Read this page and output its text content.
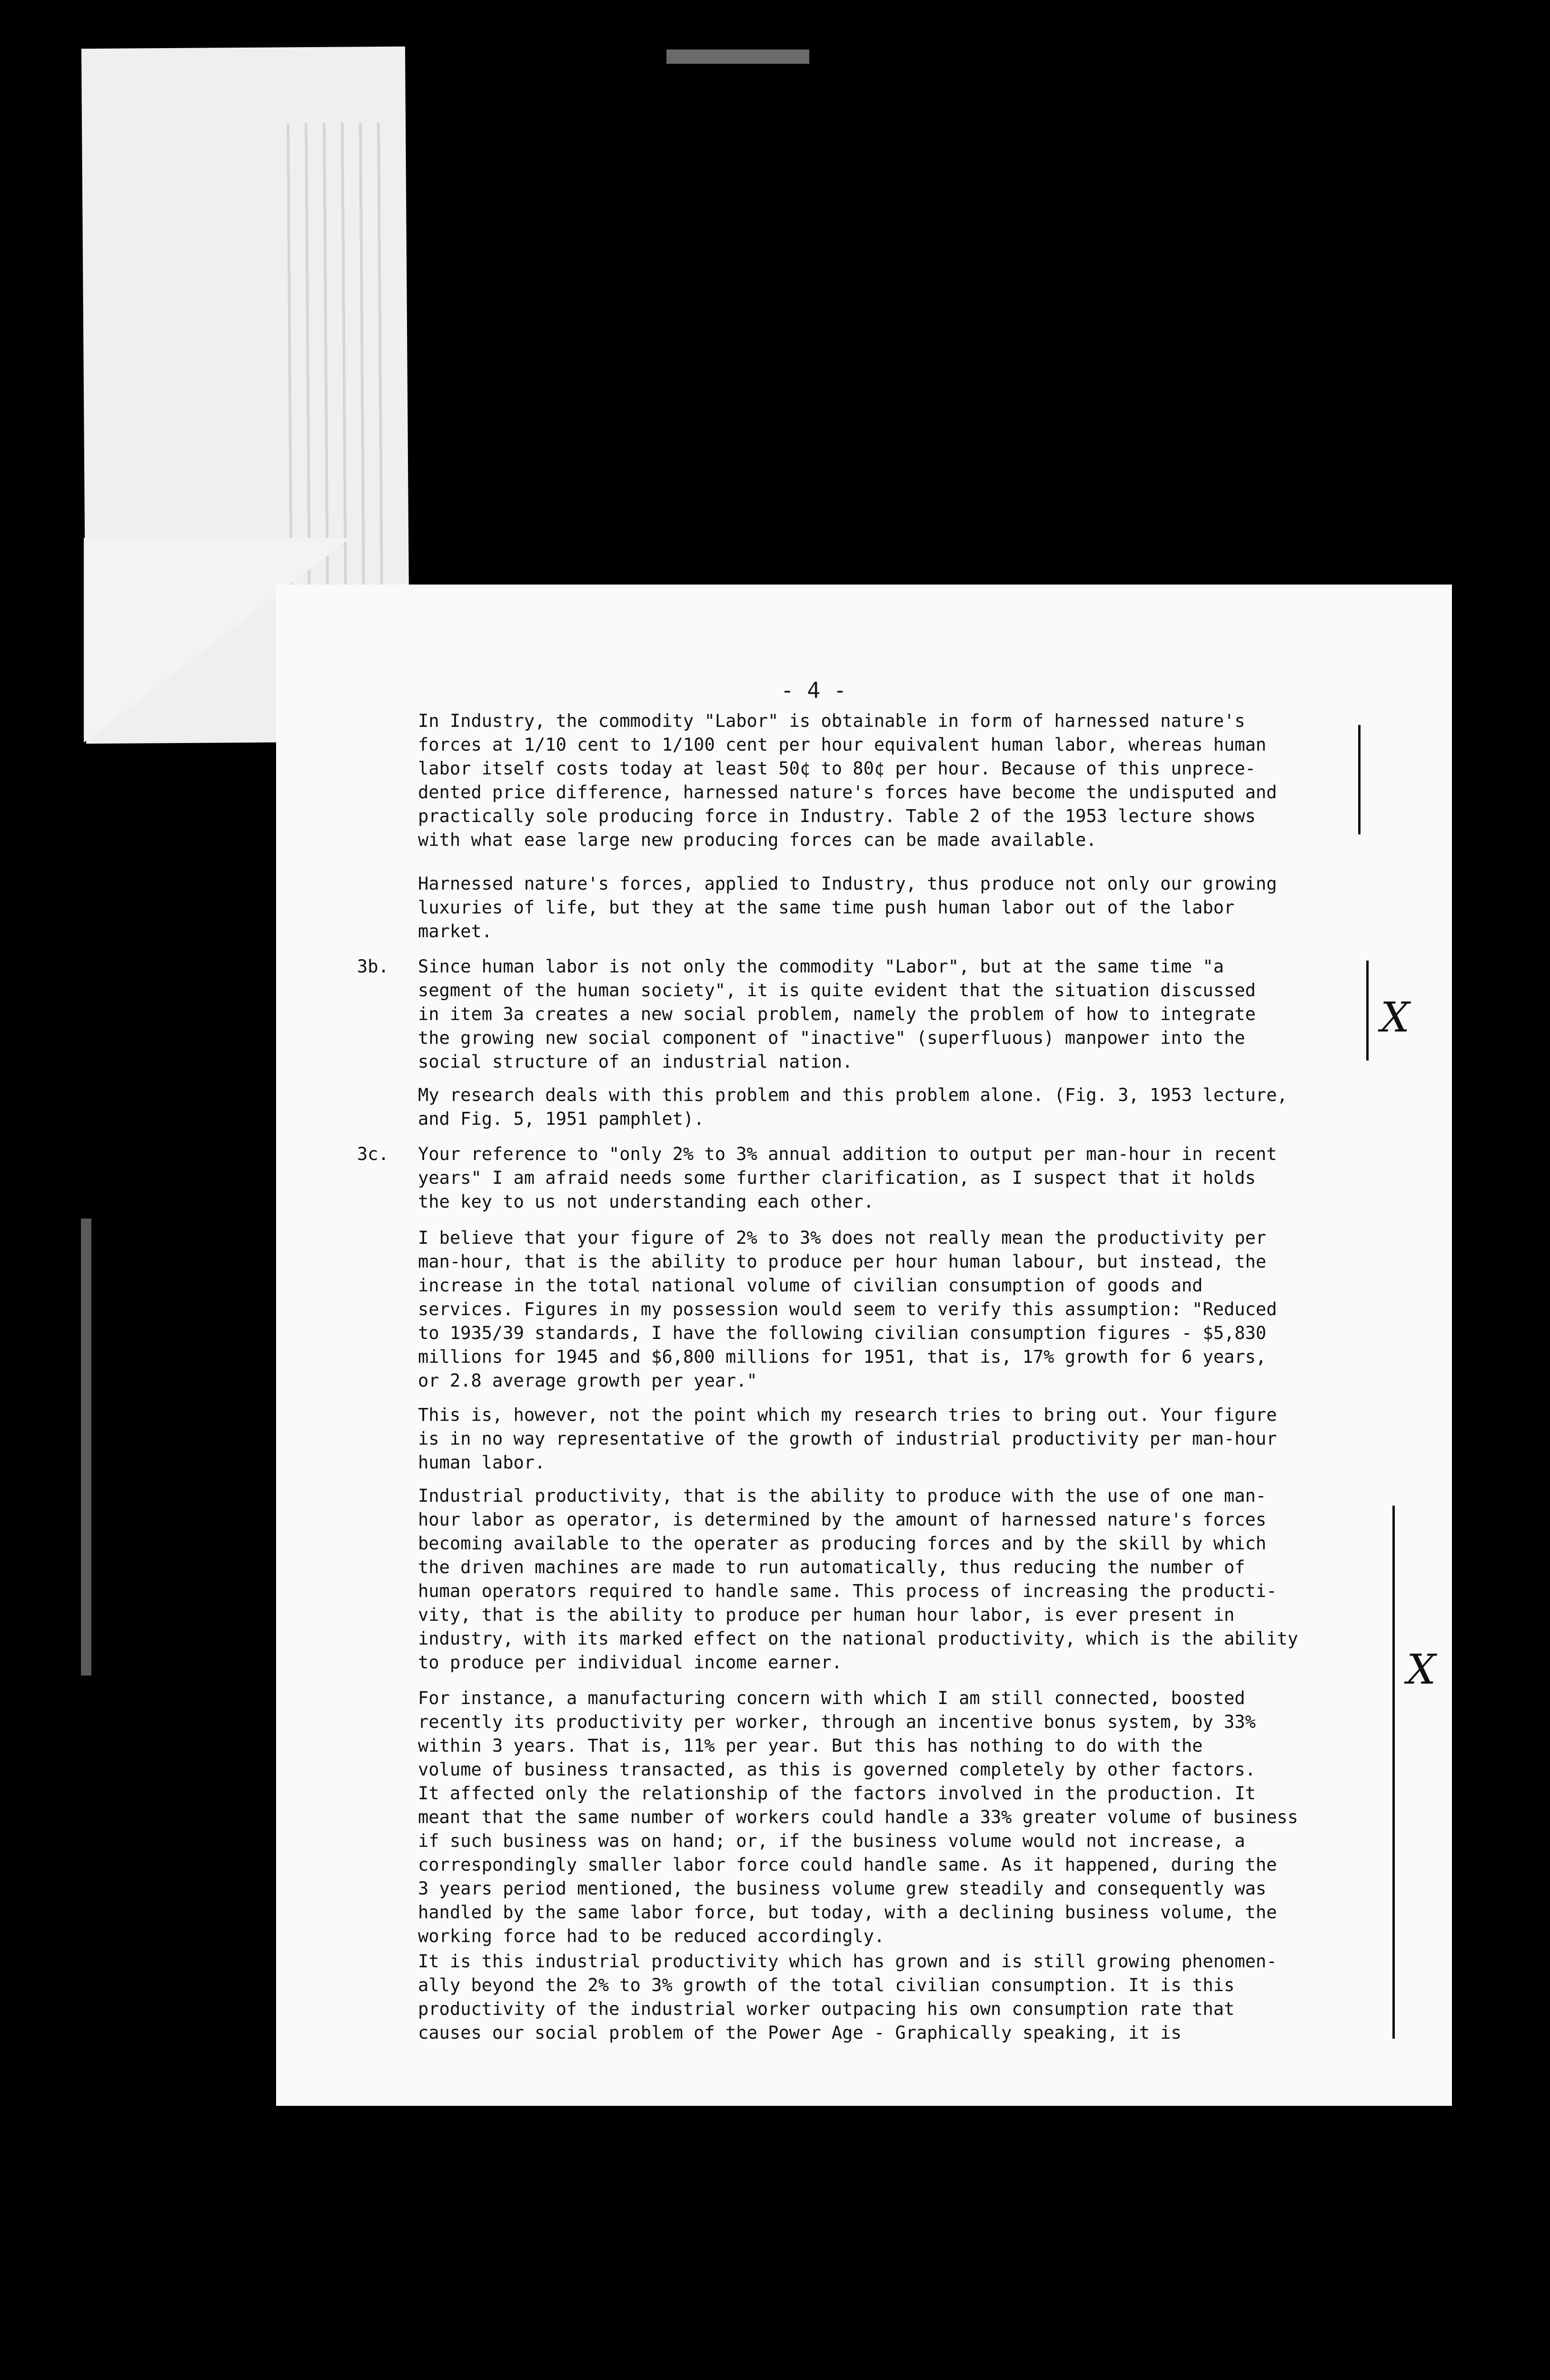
- 4 -
In Industry, the commodity "Labor" is obtainable in form of harnessed nature's
forces at 1/10 cent to 1/100 cent per hour equivalent human labor, whereas human
labor itself costs today at least 50¢ to 80¢ per hour. Because of this unprece-
dented price difference, harnessed nature's forces have become the undisputed and
practically sole producing force in Industry. Table 2 of the 1953 lecture shows
with what ease large new producing forces can be made available.
Harnessed nature's forces, applied to Industry, thus produce not only our growing
luxuries of life, but they at the same time push human labor out of the labor
market.
3b. Since human labor is not only the commodity "Labor", but at the same time "a
segment of the human society", it is quite evident that the situation discussed
in item 3a creates a new social problem, namely the problem of how to integrate
the growing new social component of "inactive" (superfluous) manpower into the
social structure of an industrial nation.
X
My research deals with this problem and this problem alone. (Fig. 3, 1953 lecture,
and Fig. 5, 1951 pamphlet).
3c. Your reference to "only 2% to 3% annual addition to output per man-hour in recent
years" I am afraid needs some further clarification, as I suspect that it holds
the key to us not understanding each other.
I believe that your figure of 2% to 3% does not really mean the productivity per
man-hour, that is the ability to produce per hour human labour, but instead, the
increase in the total national volume of civilian consumption of goods and
services. Figures in my possession would seem to verify this assumption: "Reduced
to 1935/39 standards, I have the following civilian consumption figures - $5,830
millions for 1945 and $6,800 millions for 1951, that is, 17% growth for 6 years,
or 2.8 average growth per year."
This is, however, not the point which my research tries to bring out. Your figure
is in no way representative of the growth of industrial productivity per man-hour
human labor.
Industrial productivity, that is the ability to produce with the use of one man-
hour labor as operator, is determined by the amount of harnessed nature's forces
becoming available to the operater as producing forces and by the skill by which
the driven machines are made to run automatically, thus reducing the number of
human operators required to handle same. This process of increasing the producti-
vity, that is the ability to produce per human hour labor, is ever present in
industry, with its marked effect on the national productivity, which is the ability
to produce per individual income earner.	X
For instance, a manufacturing concern with which I am still connected, boosted
recently its productivity per worker, through an incentive bonus system, by 33%
within 3 years. That is, 11% per year. But this has nothing to do with the
volume of business transacted, as this is governed completely by other factors.
It affected only the relationship of the factors involved in the production. It
meant that the same number of workers could handle a 33% greater volume of business
if such business was on hand; or, if the business volume would not increase, a
correspondingly smaller labor force could handle same. As it happened, during the
3 years period mentioned, the business volume grew steadily and consequently was
handled by the same labor force, but today, with a declining business volume, the
working force had to be reduced accordingly.
It is this industrial productivity which has grown and is still growing phenomen-
ally beyond the 2% to 3% growth of the total civilian consumption. It is this
productivity of the industrial worker outpacing his own consumption rate that
causes our social problem of the Power Age - Graphically speaking, it is
